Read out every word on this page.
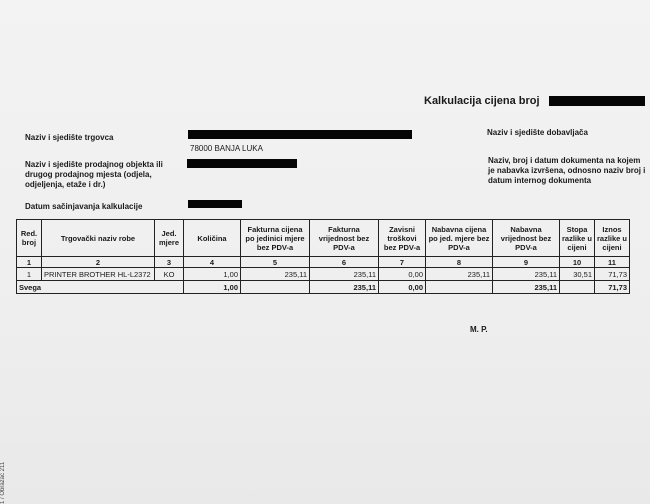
Kalkulacija cijena broj
Naziv i sjedište trgovca
78000 BANJA LUKA
Naziv i sjedište prodajnog objekta ili drugog prodajnog mjesta (odjela, odjeljenja, etaže i dr.)
Datum sačinjavanja kalkulacije
Naziv i sjedište dobavljača
Naziv, broj i datum dokumenta na kojem je nabavka izvršena, odnosno naziv broj i datum internog dokumenta
Red. broj	Trgovački naziv robe	Jed. mjere	Količina	Fakturna cijena po jedinici mjere bez PDV-a	Fakturna vrijednost bez PDV-a	Zavisni troškovi bez PDV-a	Nabavna cijena po jed. mjere bez PDV-a	Nabavna vrijednost bez PDV-a	Stopa razlike u cijeni	Iznos razlike u cijeni
1	2	3	4	5	6	7	8	9	10	11
1	PRINTER BROTHER HL-L2372	KO	1,00	235,11	235,11	0,00	235,11	235,11	30,51	71,73
Svega			1,00		235,11	0,00		235,11		71,73
M. P.
1 / Obrazac 211
